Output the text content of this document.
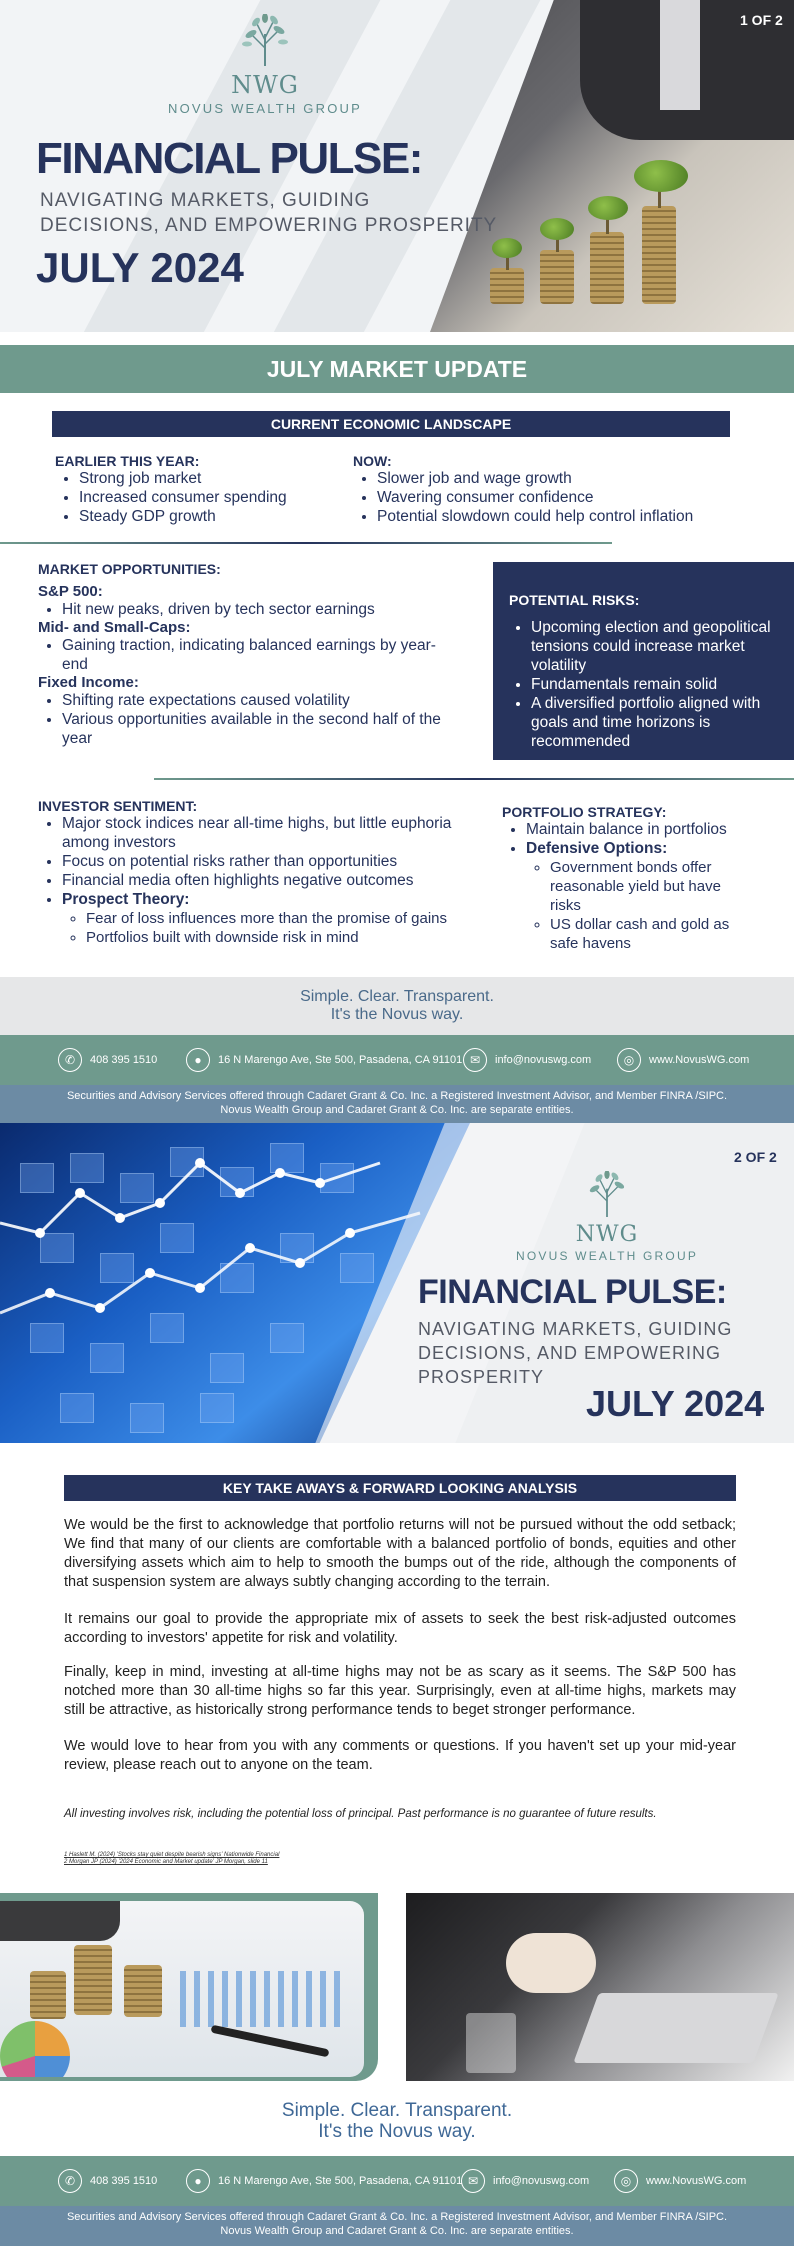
1 OF 2
NWG
NOVUS WEALTH GROUP
FINANCIAL PULSE:
NAVIGATING MARKETS, GUIDING
DECISIONS, AND EMPOWERING PROSPERITY
JULY 2024
JULY MARKET UPDATE
CURRENT ECONOMIC LANDSCAPE
EARLIER THIS YEAR:
• Strong job market
• Increased consumer spending
• Steady GDP growth
NOW:
• Slower job and wage growth
• Wavering consumer confidence
• Potential slowdown could help control inflation
MARKET OPPORTUNITIES:
S&P 500:
• Hit new peaks, driven by tech sector earnings
Mid- and Small-Caps:
• Gaining traction, indicating balanced earnings by year-end
Fixed Income:
• Shifting rate expectations caused volatility
• Various opportunities available in the second half of the year
POTENTIAL RISKS:
• Upcoming election and geopolitical tensions could increase market volatility
• Fundamentals remain solid
• A diversified portfolio aligned with goals and time horizons is recommended
INVESTOR SENTIMENT:
• Major stock indices near all-time highs, but little euphoria among investors
• Focus on potential risks rather than opportunities
• Financial media often highlights negative outcomes
• Prospect Theory:
◦ Fear of loss influences more than the promise of gains
◦ Portfolios built with downside risk in mind
PORTFOLIO STRATEGY:
• Maintain balance in portfolios
• Defensive Options:
◦ Government bonds offer reasonable yield but have risks
◦ US dollar cash and gold as safe havens
Simple. Clear. Transparent.
It's the Novus way.
✆	408 395 1510	●	16 N Marengo Ave, Ste 500, Pasadena, CA 91101 ✉	info@novuswg.com	◎	www.NovusWG.com
Securities and Advisory Services offered through Cadaret Grant & Co. Inc. a Registered Investment Advisor, and Member FINRA /SIPC.
Novus Wealth Group and Cadaret Grant & Co. Inc. are separate entities.
2 OF 2
NWG
NOVUS WEALTH GROUP
FINANCIAL PULSE:
NAVIGATING MARKETS, GUIDING
DECISIONS, AND EMPOWERING
PROSPERITY
JULY 2024
KEY TAKE AWAYS & FORWARD LOOKING ANALYSIS
We would be the first to acknowledge that portfolio returns will not be pursued without the odd setback; We find that many of our clients are comfortable with a balanced portfolio of bonds, equities and other diversifying assets which aim to help to smooth the bumps out of the ride, although the components of that suspension system are always subtly changing according to the terrain.
It remains our goal to provide the appropriate mix of assets to seek the best risk-adjusted outcomes according to investors' appetite for risk and volatility.
Finally, keep in mind, investing at all-time highs may not be as scary as it seems. The S&P 500 has notched more than 30 all-time highs so far this year. Surprisingly, even at all-time highs, markets may still be attractive, as historically strong performance tends to beget stronger performance.
We would love to hear from you with any comments or questions. If you haven't set up your mid-year review, please reach out to anyone on the team.
All investing involves risk, including the potential loss of principal. Past performance is no guarantee of future results.
1 Haslett M. (2024) 'Stocks stay quiet despite bearish signs' Nationwide Financial
2 Morgan JP (2024) '2024 Economic and Market update' JP Morgan, slide 11
Simple. Clear. Transparent.
It's the Novus way.
✆	408 395 1510	●	16 N Marengo Ave, Ste 500, Pasadena, CA 91101 ✉	info@novuswg.com	◎	www.NovusWG.com
Securities and Advisory Services offered through Cadaret Grant & Co. Inc. a Registered Investment Advisor, and Member FINRA /SIPC.
Novus Wealth Group and Cadaret Grant & Co. Inc. are separate entities.
